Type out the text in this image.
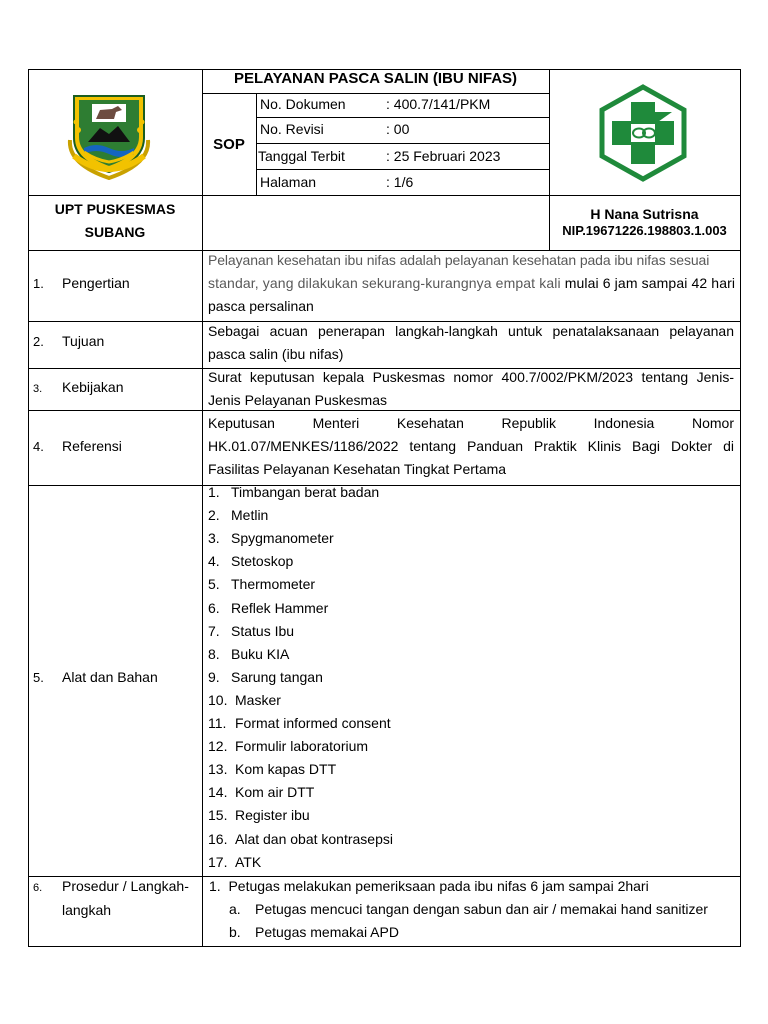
PELAYANAN PASCA SALIN (IBU NIFAS)
SOP
No. Dokumen	: 400.7/141/PKM
No. Revisi	: 00
Tanggal Terbit	: 25 Februari 2023
Halaman	: 1/6
UPT PUSKESMAS
SUBANG
H Nana Sutrisna
NIP.19671226.198803.1.003
1. Pengertian
Pelayanan kesehatan ibu nifas adalah pelayanan kesehatan pada ibu nifas sesuai
standar, yang dilakukan sekurang-kurangnya empat kali mulai 6 jam sampai 42 hari
pasca persalinan
2. Tujuan
Sebagai acuan penerapan langkah-langkah untuk penatalaksanaan pelayanan pasca salin (ibu nifas)
3. Kebijakan
Surat keputusan kepala Puskesmas nomor 400.7/002/PKM/2023 tentang Jenis-Jenis Pelayanan Puskesmas
4. Referensi
Keputusan Menteri Kesehatan Republik Indonesia Nomor HK.01.07/MENKES/1186/2022 tentang Panduan Praktik Klinis Bagi Dokter di Fasilitas Pelayanan Kesehatan Tingkat Pertama
5. Alat dan Bahan
1. Timbangan berat badan
2. Metlin
3. Spygmanometer
4. Stetoskop
5. Thermometer
6. Reflek Hammer
7. Status Ibu
8. Buku KIA
9. Sarung tangan
10. Masker
11. Format informed consent
12. Formulir laboratorium
13. Kom kapas DTT
14. Kom air DTT
15. Register ibu
16. Alat dan obat kontrasepsi
17. ATK
6. Prosedur / Langkah-
langkah
1.  Petugas melakukan pemeriksaan pada ibu nifas 6 jam sampai 2hari
a. Petugas mencuci tangan dengan sabun dan air / memakai hand sanitizer
b. Petugas memakai APD
